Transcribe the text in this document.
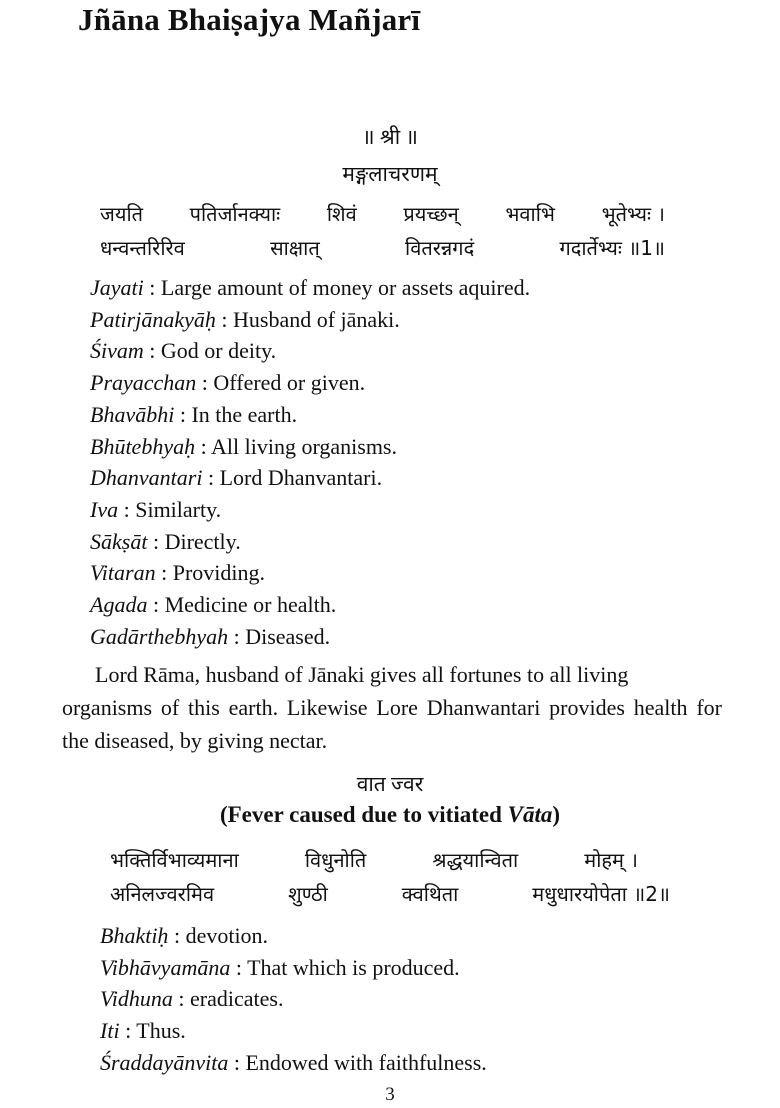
Jñāna Bhaiṣajya Mañjarī
॥ श्री ॥
मङ्गलाचरणम्
जयति पतिर्जानक्याः शिवं प्रयच्छन् भवाभि भूतेभ्यः ।
धन्वन्तरिरिव	साक्षात्	वितरन्नगदं	गदार्तेभ्यः ॥1॥
Jayati : Large amount of money or assets aquired.
Patirjānakyāḥ : Husband of jānaki.
Śivam : God or deity.
Prayacchan : Offered or given.
Bhavābhi : In the earth.
Bhūtebhyaḥ : All living organisms.
Dhanvantari : Lord Dhanvantari.
Iva : Similarty.
Sākṣāt : Directly.
Vitaran : Providing.
Agada : Medicine or health.
Gadārthebhyah : Diseased.

Lord Rāma, husband of Jānaki gives all fortunes to all living
organisms of this earth. Likewise Lore Dhanwantari provides health for the diseased, by giving nectar.

वात ज्वर
(Fever caused due to vitiated Vāta)
भक्तिर्विभाव्यमाना	विधुनोति	श्रद्धयान्विता	मोहम् ।
अनिलज्वरमिव	शुण्ठी	क्वथिता	मधुधारयोपेता ॥2॥
Bhaktiḥ : devotion.
Vibhāvyamāna : That which is produced.
Vidhuna : eradicates.
Iti : Thus.
Śraddayānvita : Endowed with faithfulness.
3
